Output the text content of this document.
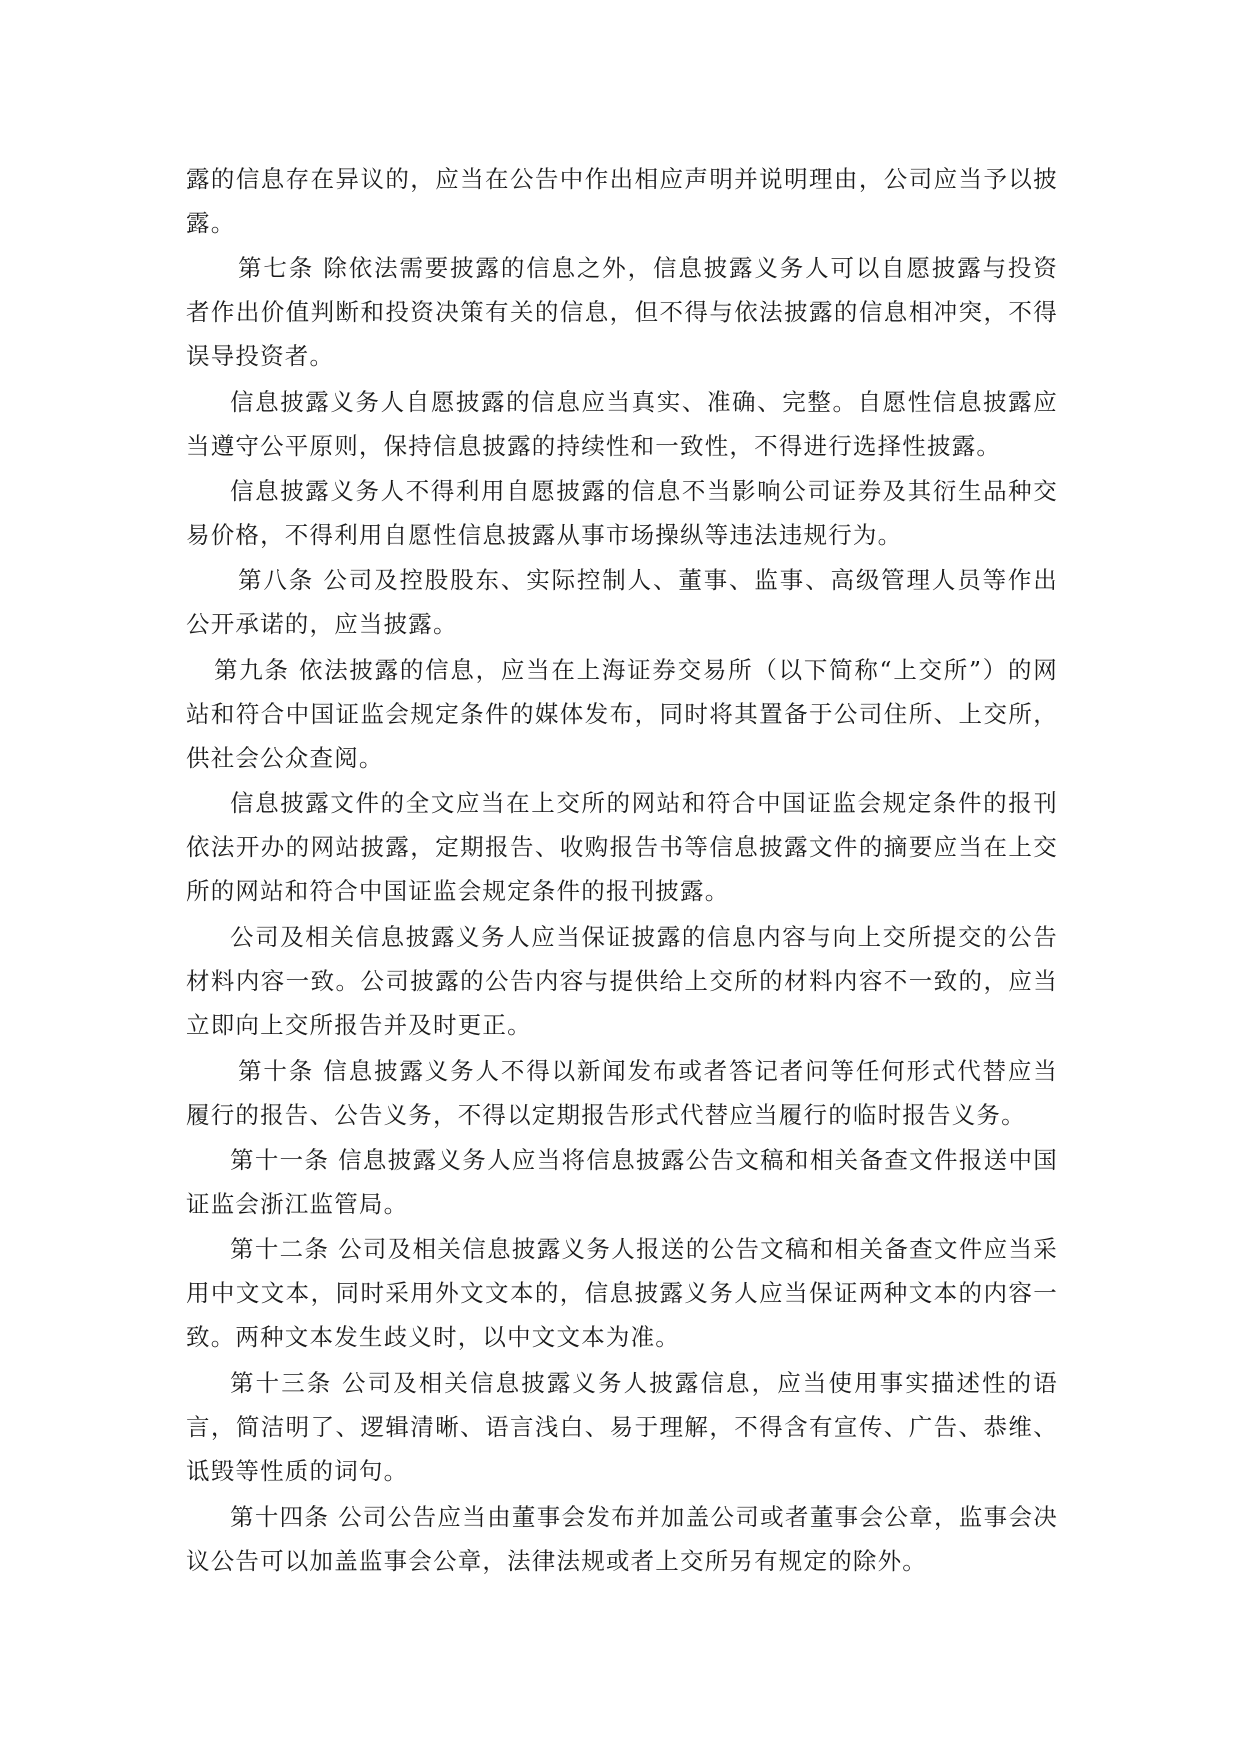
露的信息存在异议的，应当在公告中作出相应声明并说明理由，公司应当予以披露。

第七条 除依法需要披露的信息之外，信息披露义务人可以自愿披露与投资者作出价值判断和投资决策有关的信息，但不得与依法披露的信息相冲突，不得误导投资者。

信息披露义务人自愿披露的信息应当真实、准确、完整。自愿性信息披露应当遵守公平原则，保持信息披露的持续性和一致性，不得进行选择性披露。

信息披露义务人不得利用自愿披露的信息不当影响公司证券及其衍生品种交易价格，不得利用自愿性信息披露从事市场操纵等违法违规行为。

第八条 公司及控股股东、实际控制人、董事、监事、高级管理人员等作出公开承诺的，应当披露。

第九条 依法披露的信息，应当在上海证券交易所（以下简称“上交所”）的网站和符合中国证监会规定条件的媒体发布，同时将其置备于公司住所、上交所，供社会公众查阅。

信息披露文件的全文应当在上交所的网站和符合中国证监会规定条件的报刊依法开办的网站披露，定期报告、收购报告书等信息披露文件的摘要应当在上交所的网站和符合中国证监会规定条件的报刊披露。

公司及相关信息披露义务人应当保证披露的信息内容与向上交所提交的公告材料内容一致。公司披露的公告内容与提供给上交所的材料内容不一致的，应当立即向上交所报告并及时更正。

第十条 信息披露义务人不得以新闻发布或者答记者问等任何形式代替应当履行的报告、公告义务，不得以定期报告形式代替应当履行的临时报告义务。

第十一条 信息披露义务人应当将信息披露公告文稿和相关备查文件报送中国证监会浙江监管局。

第十二条 公司及相关信息披露义务人报送的公告文稿和相关备查文件应当采用中文文本，同时采用外文文本的，信息披露义务人应当保证两种文本的内容一致。两种文本发生歧义时，以中文文本为准。

第十三条 公司及相关信息披露义务人披露信息，应当使用事实描述性的语言，简洁明了、逻辑清晰、语言浅白、易于理解，不得含有宣传、广告、恭维、诋毁等性质的词句。

第十四条 公司公告应当由董事会发布并加盖公司或者董事会公章，监事会决议公告可以加盖监事会公章，法律法规或者上交所另有规定的除外。
